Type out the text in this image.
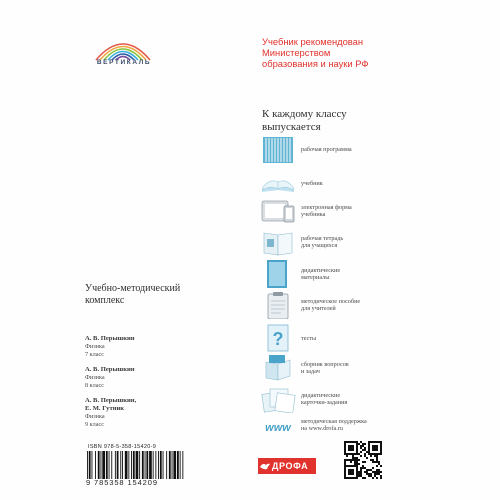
ВЕРТИКАЛЬ
Учебник рекомендован
Министерством
образования и науки РФ
К каждому классу
выпускается
рабочая программа
учебник
электронная форма
учебника
рабочая тетрадь
для учащихся
дидактические
материалы
методическое пособие
для учителей
?	тесты
сборник вопросов
и задач
дидактические
карточки-задания
www
методическая поддержка
на www.drofa.ru
Учебно-методический
комплекс
А. В. Перышкин
Физика
7 класс
А. В. Перышкин
Физика
8 класс
А. В. Перышкин,
Е. М. Гутник
Физика
9 класс
ISBN 978-5-358-15420-9
9 785358 154209
ДРОФА
